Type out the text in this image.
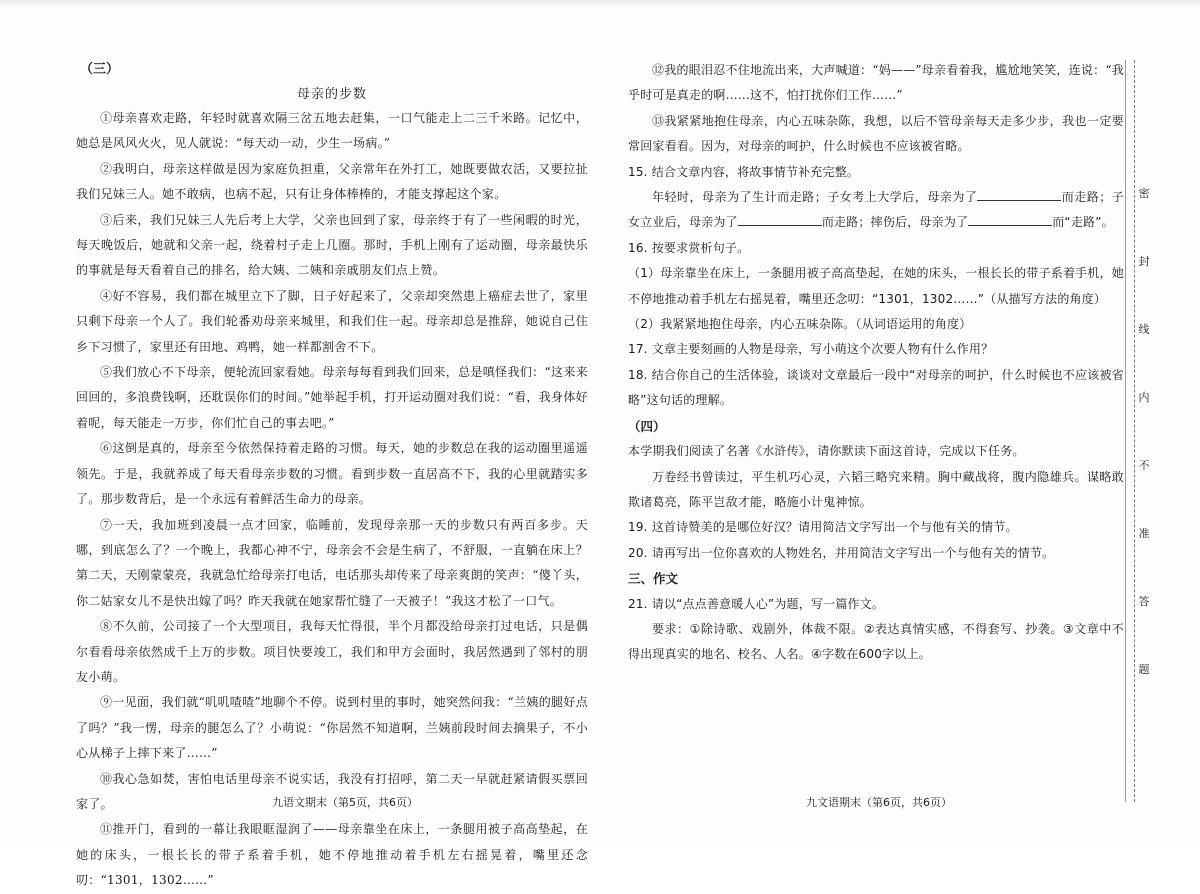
（三）
母亲的步数

①母亲喜欢走路，年轻时就喜欢隔三岔五地去赶集，一口气能走上二三千米路。记忆中，她总是风风火火，见人就说：“每天动一动，少生一场病。”

②我明白，母亲这样做是因为家庭负担重，父亲常年在外打工，她既要做农活，又要拉扯我们兄妹三人。她不敢病，也病不起，只有让身体棒棒的，才能支撑起这个家。

③后来，我们兄妹三人先后考上大学，父亲也回到了家，母亲终于有了一些闲暇的时光，每天晚饭后，她就和父亲一起，绕着村子走上几圈。那时，手机上刚有了运动圈，母亲最快乐的事就是每天看着自己的排名，给大姨、二姨和亲戚朋友们点上赞。

④好不容易，我们都在城里立下了脚，日子好起来了，父亲却突然患上癌症去世了，家里只剩下母亲一个人了。我们轮番劝母亲来城里，和我们住一起。母亲却总是推辞，她说自己住乡下习惯了，家里还有田地、鸡鸭，她一样都割舍不下。

⑤我们放心不下母亲，便轮流回家看她。母亲每每看到我们回来，总是嗔怪我们：“这来来回回的，多浪费钱啊，还耽误你们的时间。”她举起手机，打开运动圈对我们说：“看，我身体好着呢，每天能走一万步，你们忙自己的事去吧。”

⑥这倒是真的，母亲至今依然保持着走路的习惯。每天，她的步数总在我的运动圈里遥遥领先。于是，我就养成了每天看母亲步数的习惯。看到步数一直居高不下，我的心里就踏实多了。那步数背后，是一个永远有着鲜活生命力的母亲。

⑦一天，我加班到凌晨一点才回家，临睡前，发现母亲那一天的步数只有两百多步。天哪，到底怎么了？一个晚上，我都心神不宁，母亲会不会是生病了，不舒服，一直躺在床上？第二天，天刚蒙蒙亮，我就急忙给母亲打电话，电话那头却传来了母亲爽朗的笑声：“傻丫头，你二姑家女儿不是快出嫁了吗？昨天我就在她家帮忙缝了一天被子！”我这才松了一口气。

⑧不久前，公司接了一个大型项目，我每天忙得很，半个月都没给母亲打过电话，只是偶尔看看母亲依然成千上万的步数。项目快要竣工，我们和甲方会面时，我居然遇到了邻村的朋友小萌。

⑨一见面，我们就“叽叽喳喳”地聊个不停。说到村里的事时，她突然问我：“兰姨的腿好点了吗？”我一愣，母亲的腿怎么了？小萌说：“你居然不知道啊，兰姨前段时间去摘果子，不小心从梯子上摔下来了……”

⑩我心急如焚，害怕电话里母亲不说实话，我没有打招呼，第二天一早就赶紧请假买票回家了。

⑪推开门，看到的一幕让我眼眶湿润了——母亲靠坐在床上，一条腿用被子高高垫起，在她的床头，一根长长的带子系着手机，她不停地推动着手机左右摇晃着，嘴里还念叨：“1301，1302……”

⑫我的眼泪忍不住地流出来，大声喊道：“妈——”母亲看着我，尴尬地笑笑，连说：“我乎时可是真走的啊……这不，怕打扰你们工作……”

⑬我紧紧地抱住母亲，内心五味杂陈，我想，以后不管母亲每天走多少步，我也一定要常回家看看。因为，对母亲的呵护，什么时候也不应该被省略。

15. 结合文章内容，将故事情节补充完整。

年轻时，母亲为了生计而走路；子女考上大学后，母亲为了	而走路；子女立业后，母亲为了	而走路；摔伤后，母亲为了	而“走路”。

16. 按要求赏析句子。

（1）母亲靠坐在床上，一条腿用被子高高垫起，在她的床头，一根长长的带子系着手机，她不停地推动着手机左右摇晃着，嘴里还念叨：“1301，1302……”（从描写方法的角度）

（2）我紧紧地抱住母亲，内心五味杂陈。（从词语运用的角度）

17. 文章主要刻画的人物是母亲，写小萌这个次要人物有什么作用？

18. 结合你自己的生活体验，谈谈对文章最后一段中“对母亲的呵护，什么时候也不应该被省略”这句话的理解。

（四）

本学期我们阅读了名著《水浒传》，请你默读下面这首诗，完成以下任务。

万卷经书曾读过，平生机巧心灵，六韬三略究来精。胸中藏战将，腹内隐雄兵。谋略敢欺诸葛亮，陈平岂敌才能，略施小计鬼神惊。

19. 这首诗赞美的是哪位好汉？请用简洁文字写出一个与他有关的情节。

20. 请再写出一位你喜欢的人物姓名，并用简洁文字写出一个与他有关的情节。

三、作文

21. 请以“点点善意暖人心”为题，写一篇作文。

要求：①除诗歌、戏剧外，体裁不限。②表达真情实感，不得套写、抄袭。③文章中不得出现真实的地名、校名、人名。④字数在600字以上。

九语文期末（第5页，共6页）	九文语期末（第6页，共6页）
密
封
线
内
不
准
答
题
